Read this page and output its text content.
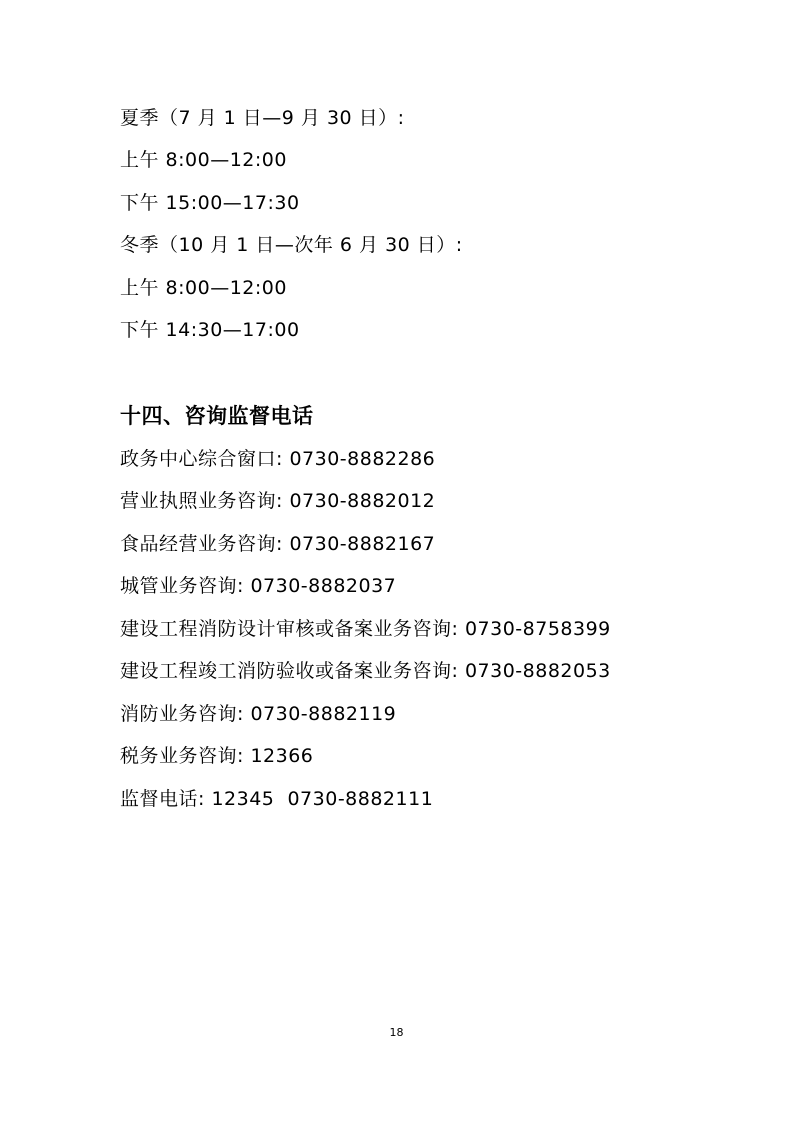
夏季（7 月 1 日—9 月 30 日）:
上午 8:00—12:00
下午 15:00—17:30
冬季（10 月 1 日—次年 6 月 30 日）:
上午 8:00—12:00
下午 14:30—17:00
十四、咨询监督电话
政务中心综合窗口: 0730-8882286
营业执照业务咨询: 0730-8882012
食品经营业务咨询: 0730-8882167
城管业务咨询: 0730-8882037
建设工程消防设计审核或备案业务咨询: 0730-8758399
建设工程竣工消防验收或备案业务咨询: 0730-8882053
消防业务咨询: 0730-8882119
税务业务咨询: 12366
监督电话: 12345  0730-8882111
18
